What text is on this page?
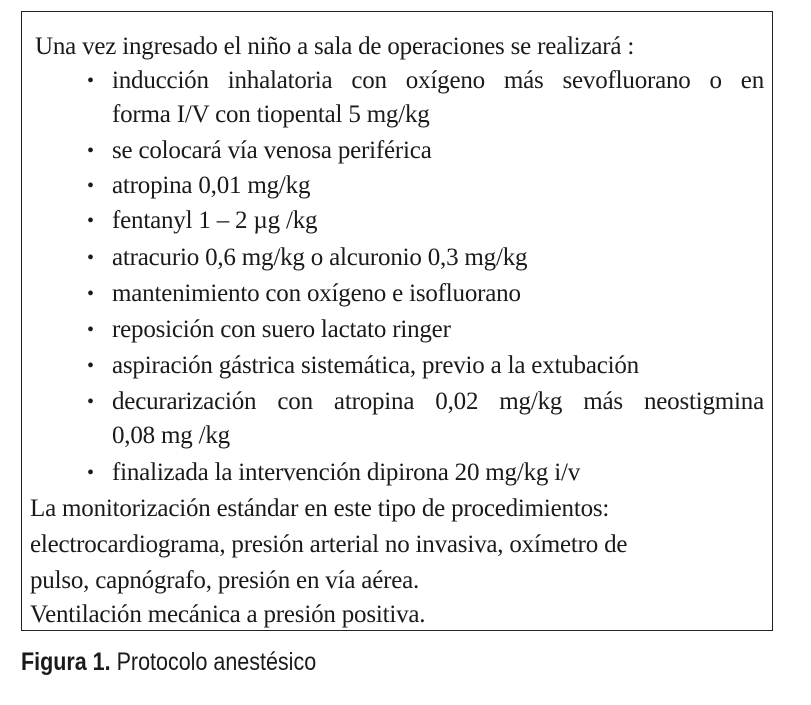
Una vez ingresado el niño a sala de operaciones se realizará :
• inducción inhalatoria con oxígeno más sevofluorano o en
forma I/V con tiopental 5 mg/kg
• se colocará vía venosa periférica
• atropina 0,01 mg/kg
• fentanyl 1 – 2 µg /kg
• atracurio 0,6 mg/kg o alcuronio 0,3 mg/kg
• mantenimiento con oxígeno e isofluorano
• reposición con suero lactato ringer
• aspiración gástrica sistemática, previo a la extubación
• decurarización con atropina 0,02 mg/kg más neostigmina
0,08 mg /kg
• finalizada la intervención dipirona 20 mg/kg i/v
La monitorización estándar en este tipo de procedimientos:
electrocardiograma, presión arterial no invasiva, oxímetro de
pulso, capnógrafo, presión en vía aérea.
Ventilación mecánica a presión positiva.
Figura 1. Protocolo anestésico
